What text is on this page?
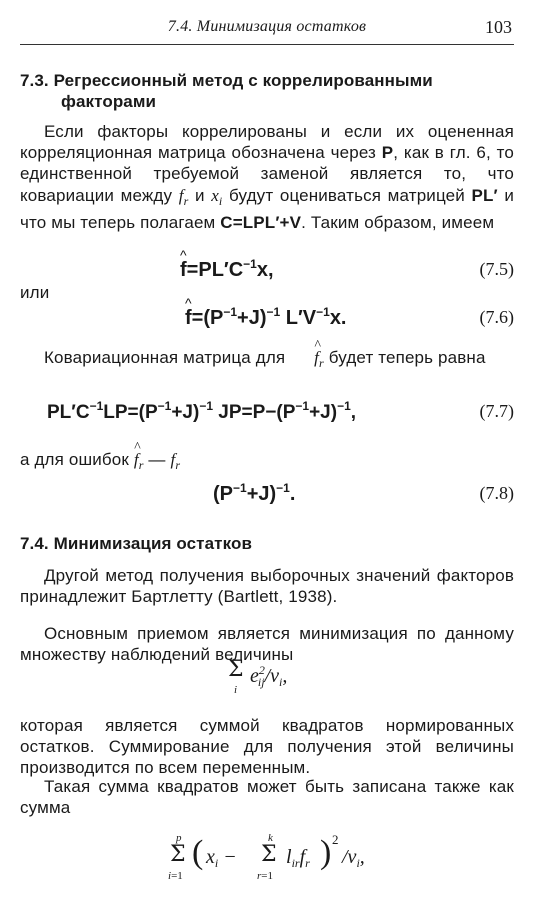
7.4. Минимизация остатков	103
7.3. Регрессионный метод с коррелированными
факторами

Если факторы коррелированы и если их оцененная корреляционная матрица обозначена через P, как в гл. 6, то единственной требуемой заменой является то, что ковариации между $f_r$ и $x_i$ будут оцениваться матрицей PL′ и что мы теперь полагаем C=LPL′+V. Таким образом, имеем

^ $f=PL'C^{-1}x$,	(7.5)

или

^ $f=(P^{-1}+J)^{-1}$ $L'V^{-1}x$.	(7.6)

Ковариационная матрица для ^ $f_r$ будет теперь равна

$PL'C^{-1}LP=(P^{-1}+J)^{-1}$ $JP=P-(P^{-1}+J)^{-1}$,	(7.7)

а для ошибок ^ $f_r$ — $f_r$

$(P^{-1}+J)^{-1}$.	(7.8)
7.4. Минимизация остатков

Другой метод получения выборочных значений факторов принадлежит Бартлетту (Bartlett, 1938).

Основным приемом является минимизация по данному множеству наблюдений величины

Σ
i
$e^2_{ij}/v_i$,

которая является суммой квадратов нормированных остатков. Суммирование для получения этой величины производится по всем переменным.

Такая сумма квадратов может быть записана также как сумма

p
Σ
i=1
( $x_i$ −
k
Σ
r=1
$l_{ir}f_r$ ) 2
$/v_i$,
